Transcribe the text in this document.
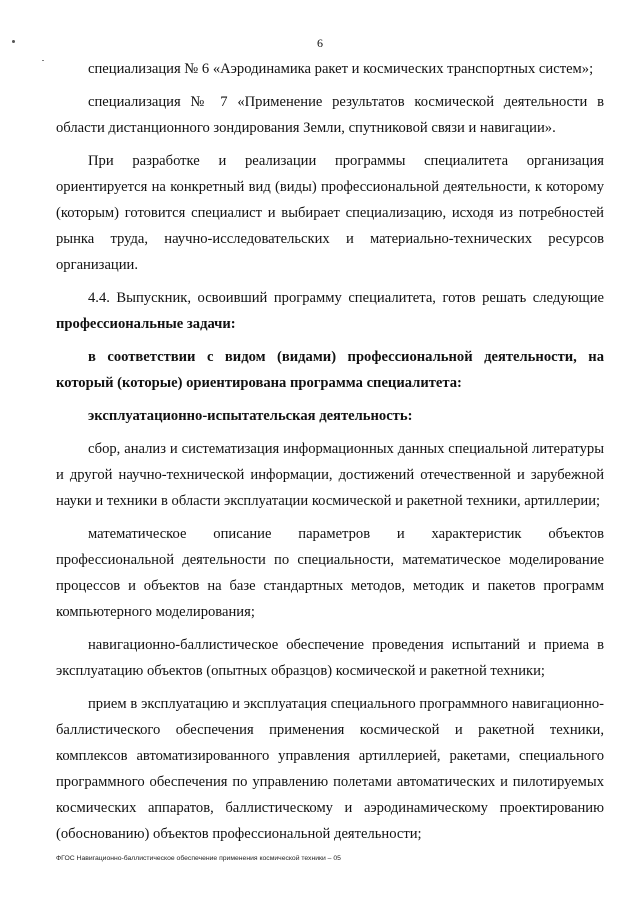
6

специализация № 6 «Аэродинамика ракет и космических транспортных систем»;

специализация № 7 «Применение результатов космической деятельности в области дистанционного зондирования Земли, спутниковой связи и навигации».

При разработке и реализации программы специалитета организация ориентируется на конкретный вид (виды) профессиональной деятельности, к которому (которым) готовится специалист и выбирает специализацию, исходя из потребностей рынка труда, научно-исследовательских и материально-технических ресурсов организации.

4.4. Выпускник, освоивший программу специалитета, готов решать следующие профессиональные задачи:

в соответствии с видом (видами) профессиональной деятельности, на который (которые) ориентирована программа специалитета:

эксплуатационно-испытательская деятельность:

сбор, анализ и систематизация информационных данных специальной литературы и другой научно-технической информации, достижений отечественной и зарубежной науки и техники в области эксплуатации космической и ракетной техники, артиллерии;

математическое описание параметров и характеристик объектов профессиональной деятельности по специальности, математическое моделирование процессов и объектов на базе стандартных методов, методик и пакетов программ компьютерного моделирования;

навигационно-баллистическое обеспечение проведения испытаний и приема в эксплуатацию объектов (опытных образцов) космической и ракетной техники;

прием в эксплуатацию и эксплуатация специального программного навигационно-баллистического обеспечения применения космической и ракетной техники, комплексов автоматизированного управления артиллерией, ракетами, специального программного обеспечения по управлению полетами автоматических и пилотируемых космических аппаратов, баллистическому и аэродинамическому проектированию (обоснованию) объектов профессиональной деятельности;

ФГОС Навигационно-баллистическое обеспечение применения космической техники – 05
